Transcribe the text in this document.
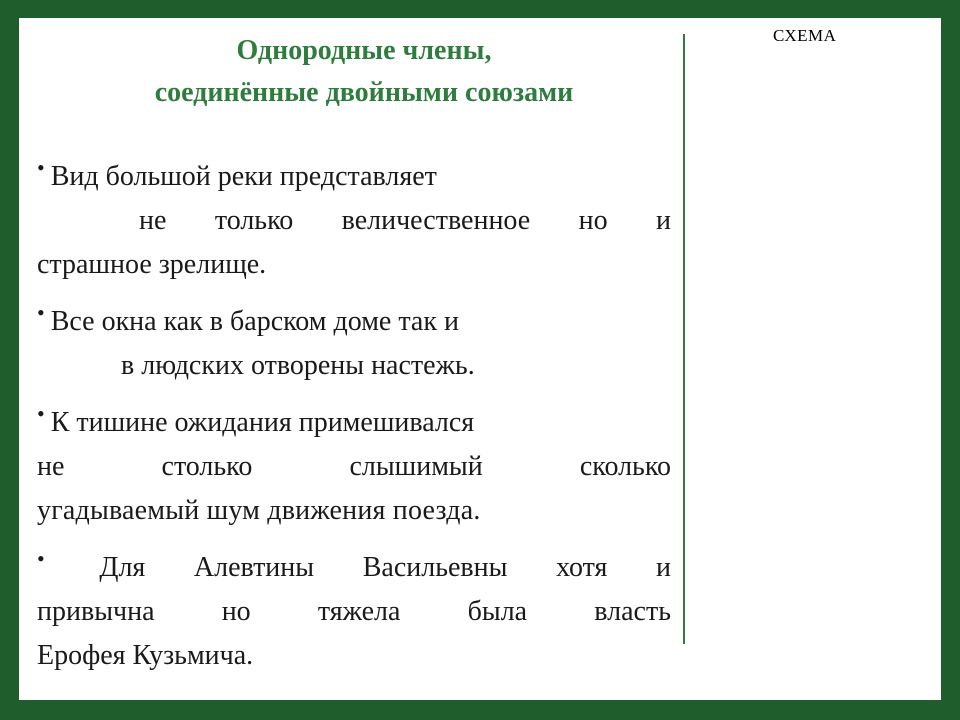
Однородные члены,
соединённые двойными союзами
СХЕМА
• Вид большой реки представляет
не только величественное но и
страшное зрелище.
• Все окна как в барском доме так и
в людских отворены настежь.
• К тишине ожидания примешивался
не столько слышимый сколько
угадываемый шум движения поезда.
• Для Алевтины Васильевны хотя и
привычна но тяжела была власть
Ерофея Кузьмича.
